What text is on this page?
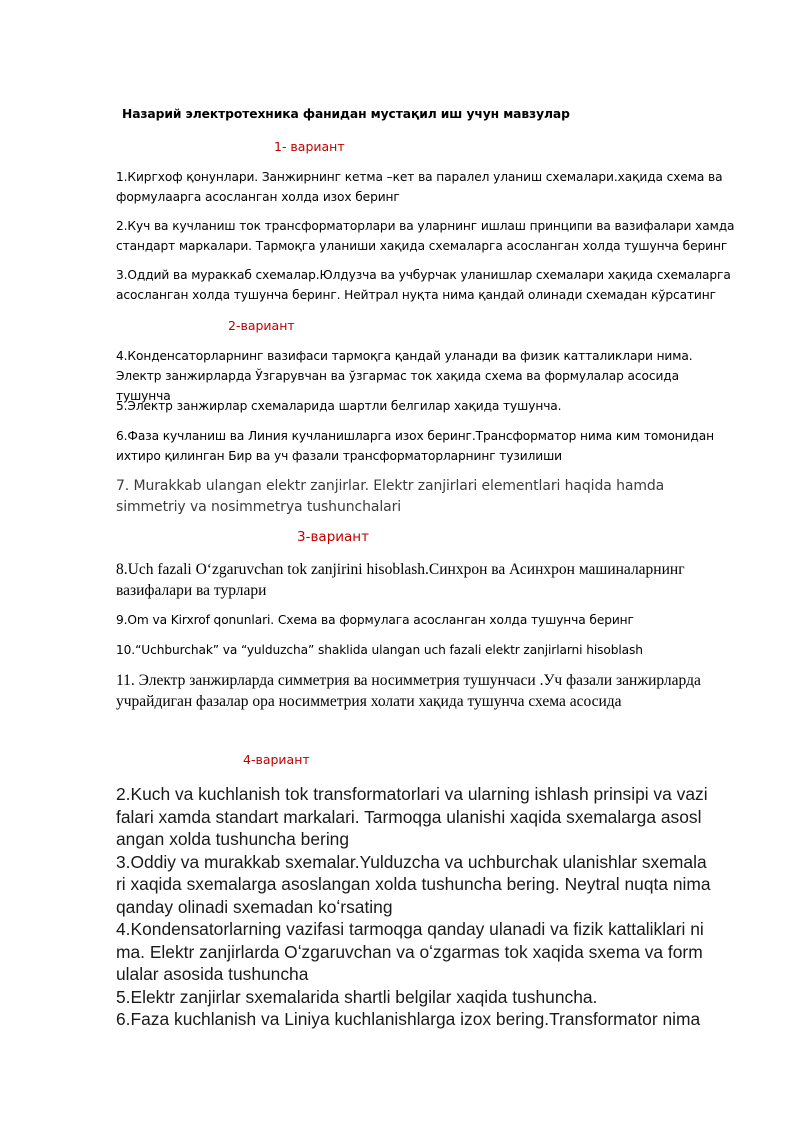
Назарий электротехника фанидан мустақил иш учун мавзулар

1- вариант

1.Киргхоф қонунлари. Занжирнинг кетма –кет ва паралел уланиш схемалари.хақида схема ва формулаарга асосланган холда изох беринг

2.Куч ва кучланиш ток трансформаторлари ва уларнинг ишлаш принципи ва вазифалари хамда стандарт маркалари. Тармоқга уланиши хақида схемаларга асосланган холда тушунча беринг

3.Оддий ва мураккаб схемалар.Юлдузча ва учбурчак уланишлар схемалари хақида схемаларга асосланган холда тушунча беринг. Нейтрал нуқта нима қандай олинади схемадан кўрсатинг

2-вариант

4.Конденсаторларнинг вазифаси тармоқга қандай уланади ва физик катталиклари нима. Электр занжирларда Ўзгарувчан ва ўзгармас ток хақида схема ва формулалар асосида тушунча

5.Электр занжирлар схемаларида шартли белгилар хақида тушунча.

6.Фаза кучланиш ва Линия кучланишларга изох беринг.Трансформатор нима ким томонидан ихтиро қилинган Бир ва уч фазали трансформаторларнинг тузилиши

7. Murakkab ulangan elektr zanjirlar. Elektr zanjirlari elementlari haqida hamda simmetriy va nosimmetrya tushunchalari

3-вариант

8.Uch fazali Oʻzgaruvchan tok zanjirini hisoblash.Синхрон ва Асинхрон машиналарнинг вазифалари ва турлари

9.Om va Kirxrof qonunlari. Схема ва формулага асосланган холда тушунча беринг

10.“Uchburchak” va “yulduzcha” shaklida ulangan uch fazali elektr zanjirlarni hisoblash

11. Электр занжирларда симметрия ва носимметрия тушунчаси .Уч фазали занжирларда учрайдиган фазалар ора носимметрия холати хақида тушунча схема асосида

4-вариант

2.Kuch va kuchlanish tok transformatorlari va ularning ishlash prinsipi va vazi
falari xamda standart markalari. Tarmoqga ulanishi xaqida sxemalarga asosl
angan xolda tushuncha bering
3.Oddiy va murakkab sxemalar.Yulduzcha va uchburchak ulanishlar sxemala
ri xaqida sxemalarga asoslangan xolda tushuncha bering. Neytral nuqta nima
qanday olinadi sxemadan koʻrsating
4.Kondensatorlarning vazifasi tarmoqga qanday ulanadi va fizik kattaliklari ni
ma. Elektr zanjirlarda Oʻzgaruvchan va oʻzgarmas tok xaqida sxema va form
ulalar asosida tushuncha
5.Elektr zanjirlar sxemalarida shartli belgilar xaqida tushuncha.
6.Faza kuchlanish va Liniya kuchlanishlarga izox bering.Transformator nima
